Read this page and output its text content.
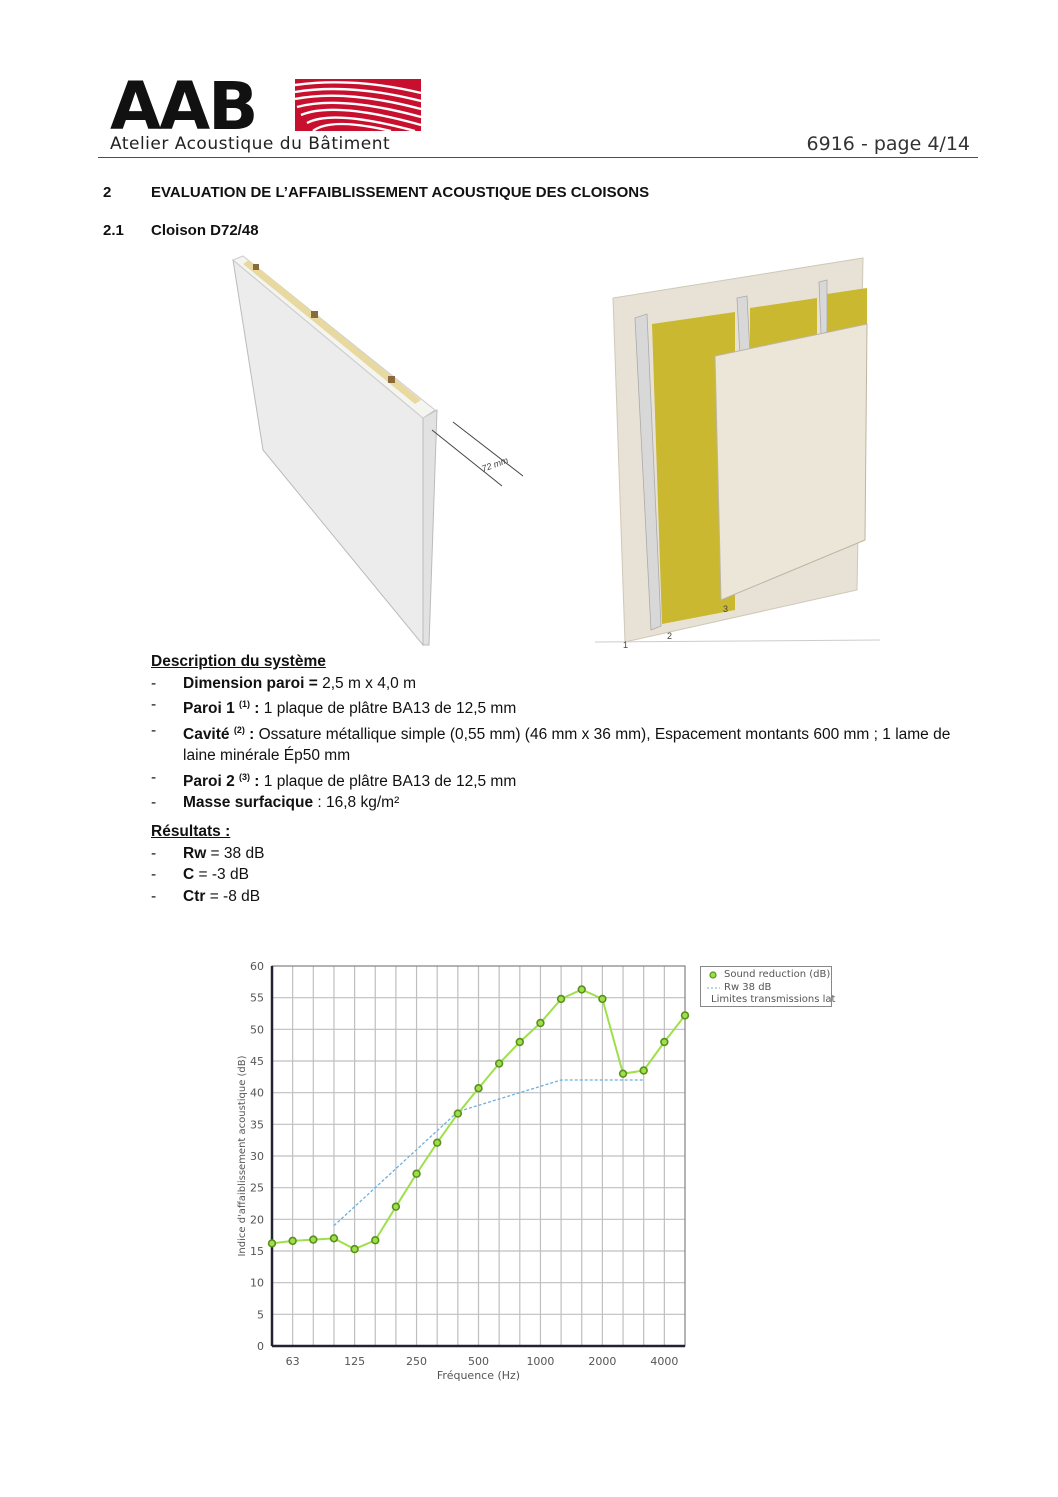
AAB
Atelier Acoustique du Bâtiment	6916 - page 4/14
2	EVALUATION DE L’AFFAIBLISSEMENT ACOUSTIQUE DES CLOISONS
2.1 Cloison D72/48
72 mm
1
2
3
Description du système
- Dimension paroi = 2,5 m x 4,0 m
- Paroi 1 $^{(1)}$ : 1 plaque de plâtre BA13 de 12,5 mm
- Cavité $^{(2)}$ : Ossature métallique simple (0,55 mm) (46 mm x 36 mm), Espacement montants 600 mm ; 1 lame de laine minérale Ép50 mm
- Paroi 2 $^{(3)}$ : 1 plaque de plâtre BA13 de 12,5 mm
- Masse surfacique : 16,8 kg/m²
Résultats :
- Rw = 38 dB
- C = -3 dB
- Ctr = -8 dB
0
5
10
15
20
25
30
35
40
45
50
55
60
63	125	250	500	1000	2000	4000
Fréquence (Hz)
Indice d'affaiblissement acoustique (dB)
Sound reduction (dB)
Rw 38 dB
Limites transmissions lat
